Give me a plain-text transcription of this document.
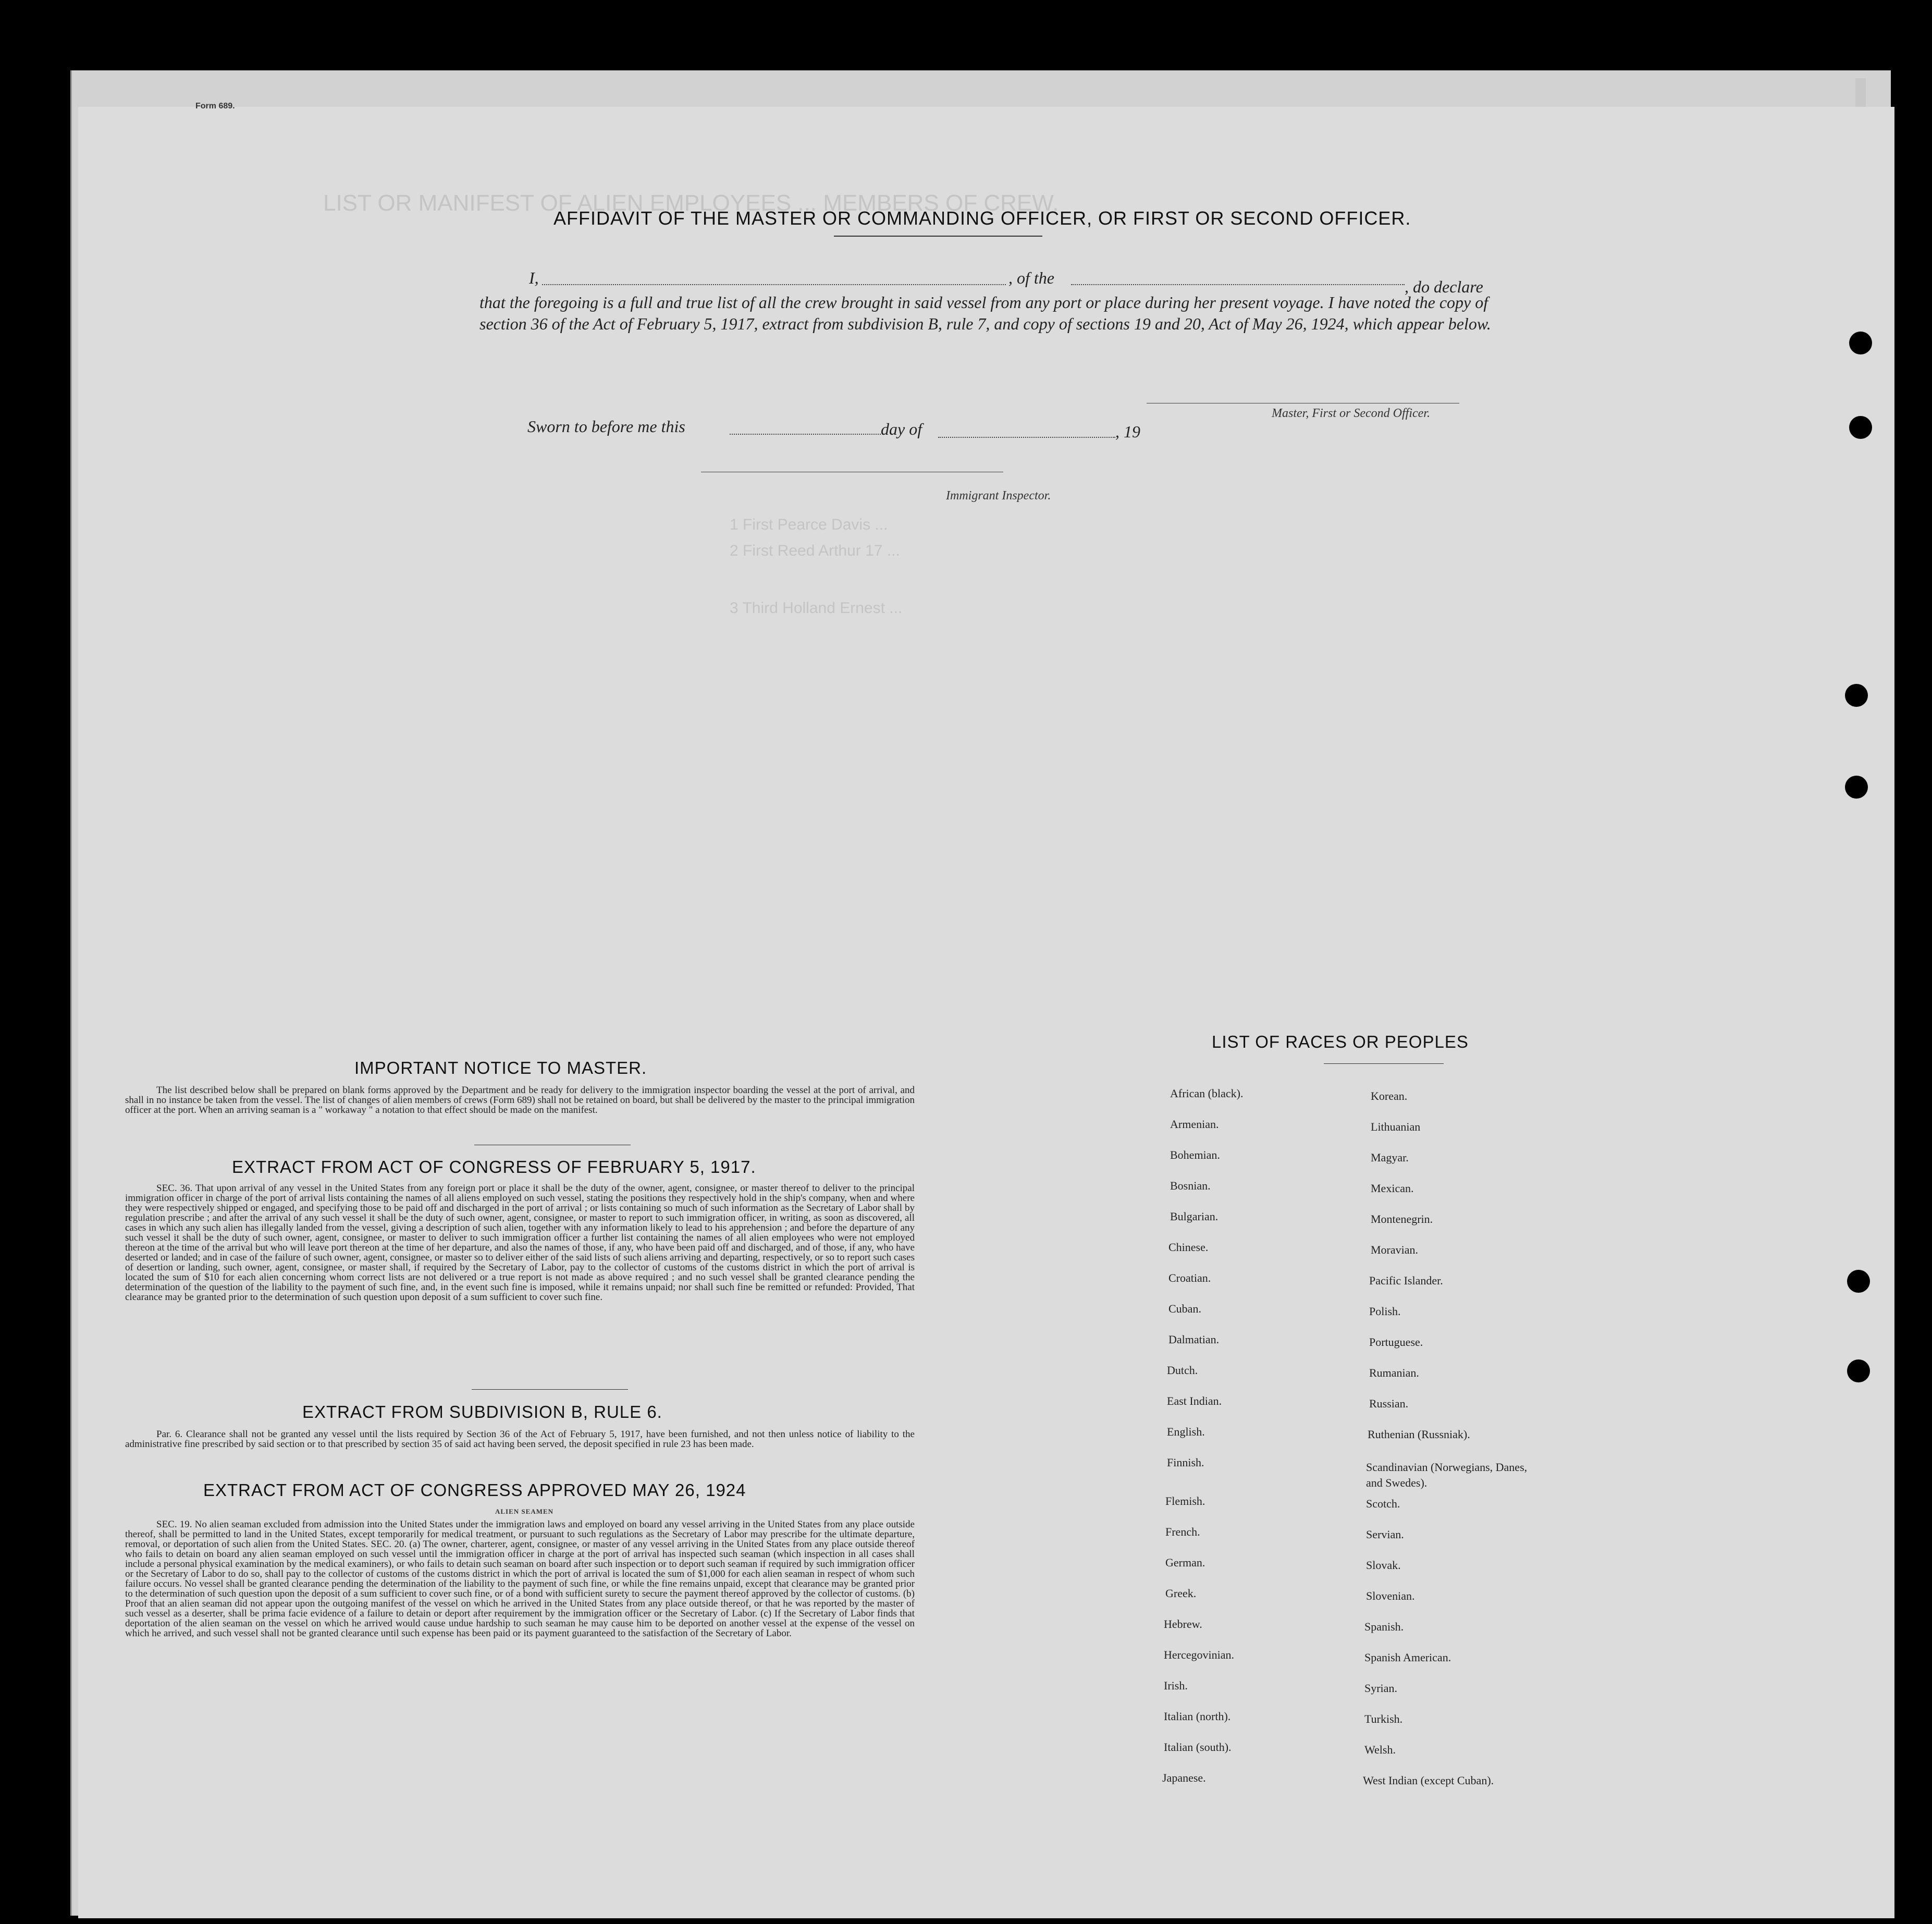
LIST OR MANIFEST OF ALIEN EMPLOYEES ... MEMBERS OF CREW.
1 First Pearce Davis ...
2 First Reed Arthur 17 ...
3 Third Holland Ernest ...
Form 689.
AFFIDAVIT OF THE MASTER OR COMMANDING OFFICER, OR FIRST OR SECOND OFFICER.
I,	, of the	, do declare
that the foregoing is a full and true list of all the crew brought in said vessel from any port or place during her present voyage. I have noted the copy of section 36 of the Act of February 5, 1917, extract from subdivision B, rule 7, and copy of sections 19 and 20, Act of May 26, 1924, which appear below.
Master, First or Second Officer.
Sworn to before me this	day of	, 19
Immigrant Inspector.
IMPORTANT NOTICE TO MASTER.
The list described below shall be prepared on blank forms approved by the Department and be ready for delivery to the immigration inspector boarding the vessel at the port of arrival, and shall in no instance be taken from the vessel. The list of changes of alien members of crews (Form 689) shall not be retained on board, but shall be delivered by the master to the principal immigration officer at the port. When an arriving seaman is a " workaway " a notation to that effect should be made on the manifest.
EXTRACT FROM ACT OF CONGRESS OF FEBRUARY 5, 1917.
SEC. 36. That upon arrival of any vessel in the United States from any foreign port or place it shall be the duty of the owner, agent, consignee, or master thereof to deliver to the principal immigration officer in charge of the port of arrival lists containing the names of all aliens employed on such vessel, stating the positions they respectively hold in the ship's company, when and where they were respectively shipped or engaged, and specifying those to be paid off and discharged in the port of arrival ; or lists containing so much of such information as the Secretary of Labor shall by regulation prescribe ; and after the arrival of any such vessel it shall be the duty of such owner, agent, consignee, or master to report to such immigration officer, in writing, as soon as discovered, all cases in which any such alien has illegally landed from the vessel, giving a description of such alien, together with any information likely to lead to his apprehension ; and before the departure of any such vessel it shall be the duty of such owner, agent, consignee, or master to deliver to such immigration officer a further list containing the names of all alien employees who were not employed thereon at the time of the arrival but who will leave port thereon at the time of her departure, and also the names of those, if any, who have been paid off and discharged, and of those, if any, who have deserted or landed; and in case of the failure of such owner, agent, consignee, or master so to deliver either of the said lists of such aliens arriving and departing, respectively, or so to report such cases of desertion or landing, such owner, agent, consignee, or master shall, if required by the Secretary of Labor, pay to the collector of customs of the customs district in which the port of arrival is located the sum of $10 for each alien concerning whom correct lists are not delivered or a true report is not made as above required ; and no such vessel shall be granted clearance pending the determination of the question of the liability to the payment of such fine, and, in the event such fine is imposed, while it remains unpaid; nor shall such fine be remitted or refunded: Provided, That clearance may be granted prior to the determination of such question upon deposit of a sum sufficient to cover such fine.
EXTRACT FROM SUBDIVISION B, RULE 6.
Par. 6. Clearance shall not be granted any vessel until the lists required by Section 36 of the Act of February 5, 1917, have been furnished, and not then unless notice of liability to the administrative fine prescribed by said section or to that prescribed by section 35 of said act having been served, the deposit specified in rule 23 has been made.
EXTRACT FROM ACT OF CONGRESS APPROVED MAY 26, 1924
ALIEN SEAMEN
SEC. 19. No alien seaman excluded from admission into the United States under the immigration laws and employed on board any vessel arriving in the United States from any place outside thereof, shall be permitted to land in the United States, except temporarily for medical treatment, or pursuant to such regulations as the Secretary of Labor may prescribe for the ultimate departure, removal, or deportation of such alien from the United States. SEC. 20. (a) The owner, charterer, agent, consignee, or master of any vessel arriving in the United States from any place outside thereof who fails to detain on board any alien seaman employed on such vessel until the immigration officer in charge at the port of arrival has inspected such seaman (which inspection in all cases shall include a personal physical examination by the medical examiners), or who fails to detain such seaman on board after such inspection or to deport such seaman if required by such immigration officer or the Secretary of Labor to do so, shall pay to the collector of customs of the customs district in which the port of arrival is located the sum of $1,000 for each alien seaman in respect of whom such failure occurs. No vessel shall be granted clearance pending the determination of the liability to the payment of such fine, or while the fine remains unpaid, except that clearance may be granted prior to the determination of such question upon the deposit of a sum sufficient to cover such fine, or of a bond with sufficient surety to secure the payment thereof approved by the collector of customs. (b) Proof that an alien seaman did not appear upon the outgoing manifest of the vessel on which he arrived in the United States from any place outside thereof, or that he was reported by the master of such vessel as a deserter, shall be prima facie evidence of a failure to detain or deport after requirement by the immigration officer or the Secretary of Labor. (c) If the Secretary of Labor finds that deportation of the alien seaman on the vessel on which he arrived would cause undue hardship to such seaman he may cause him to be deported on another vessel at the expense of the vessel on which he arrived, and such vessel shall not be granted clearance until such expense has been paid or its payment guaranteed to the satisfaction of the Secretary of Labor.
LIST OF RACES OR PEOPLES
African (black).
Armenian.
Bohemian.
Bosnian.
Bulgarian.
Chinese.
Croatian.
Cuban.
Dalmatian.
Dutch.
East Indian.
English.
Finnish.
Flemish.
French.
German.
Greek.
Hebrew.
Hercegovinian.
Irish.
Italian (north).
Italian (south).
Japanese.
Korean.
Lithuanian
Magyar.
Mexican.
Montenegrin.
Moravian.
Pacific Islander.
Polish.
Portuguese.
Rumanian.
Russian.
Ruthenian (Russniak).
Scandinavian (Norwegians, Danes, and Swedes).
Scotch.
Servian.
Slovak.
Slovenian.
Spanish.
Spanish American.
Syrian.
Turkish.
Welsh.
West Indian (except Cuban).
